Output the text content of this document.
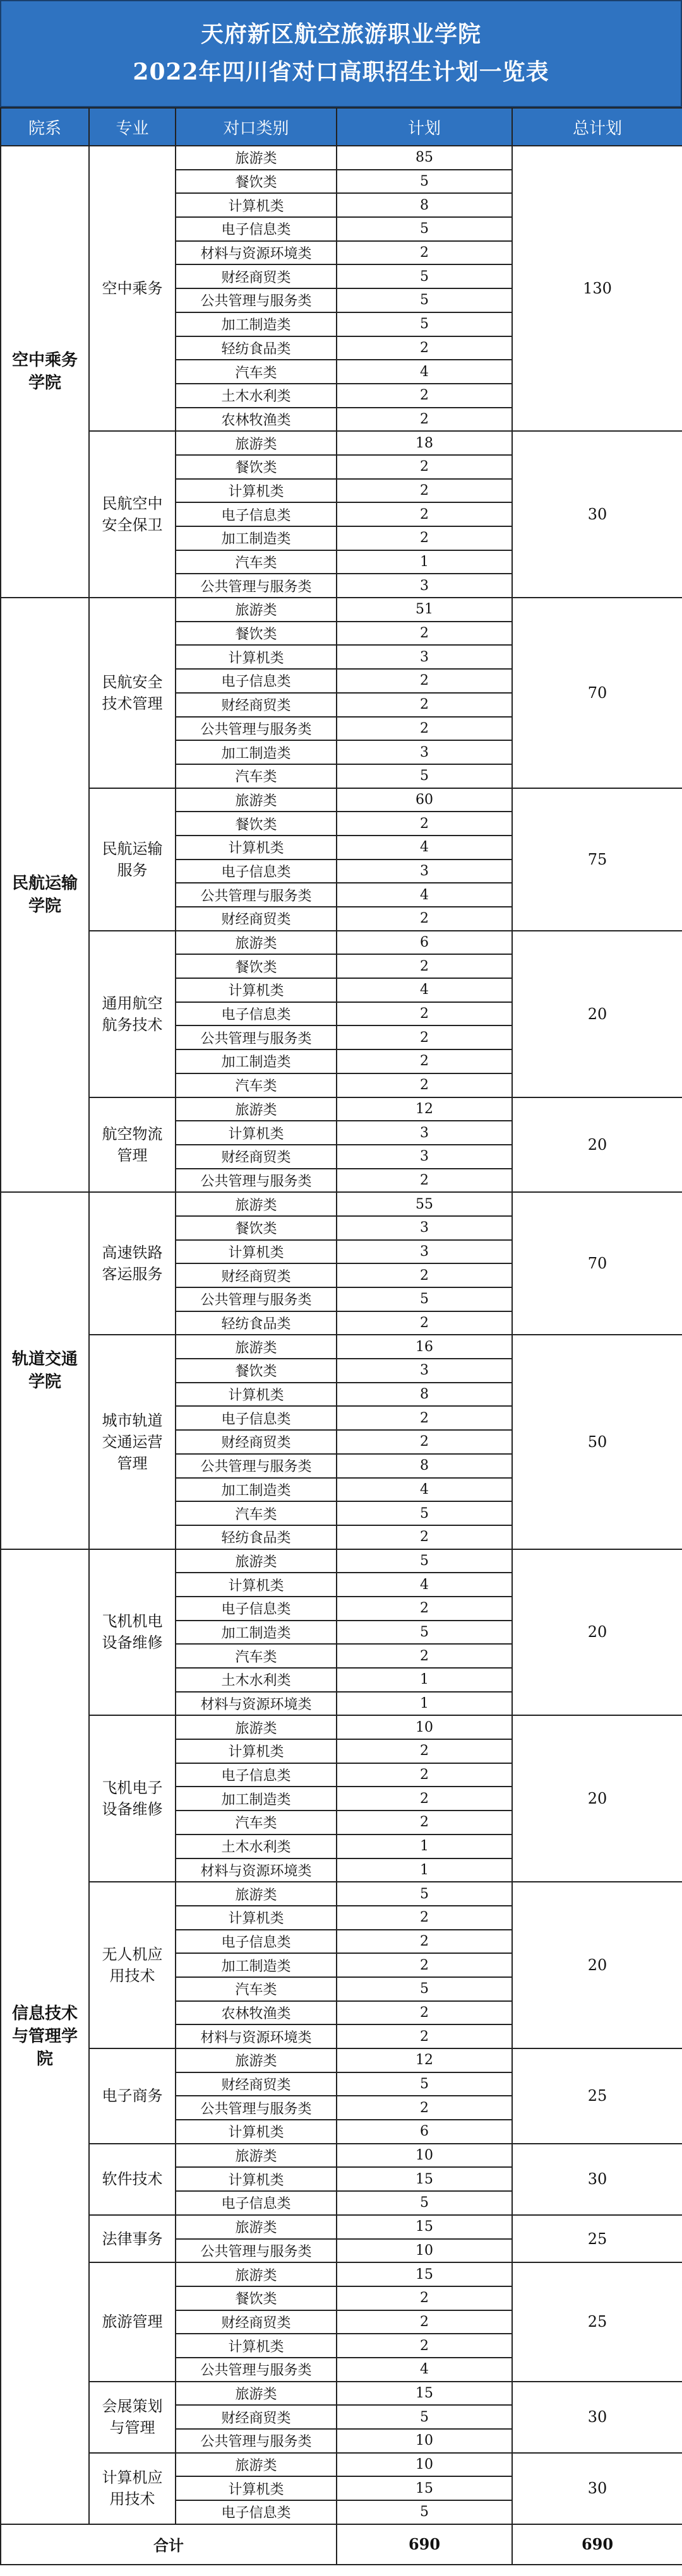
天府新区航空旅游职业学院
2022年四川省对口高职招生计划一览表
院系	专业	对口类别	计划	总计划
空中乘务学院	空中乘务	旅游类	85	130
		餐饮类	5	
		计算机类	8	
		电子信息类	5	
		材料与资源环境类	2	
		财经商贸类	5	
		公共管理与服务类	5	
		加工制造类	5	
		轻纺食品类	2	
		汽车类	4	
		土木水利类	2	
		农林牧渔类	2	
	民航空中安全保卫	旅游类	18	30
		餐饮类	2	
		计算机类	2	
		电子信息类	2	
		加工制造类	2	
		汽车类	1	
		公共管理与服务类	3	
民航运输学院	民航安全技术管理	旅游类	51	70
		餐饮类	2	
		计算机类	3	
		电子信息类	2	
		财经商贸类	2	
		公共管理与服务类	2	
		加工制造类	3	
		汽车类	5	
	民航运输服务	旅游类	60	75
		餐饮类	2	
		计算机类	4	
		电子信息类	3	
		公共管理与服务类	4	
		财经商贸类	2	
	通用航空航务技术	旅游类	6	20
		餐饮类	2	
		计算机类	4	
		电子信息类	2	
		公共管理与服务类	2	
		加工制造类	2	
		汽车类	2	
	航空物流管理	旅游类	12	20
		计算机类	3	
		财经商贸类	3	
		公共管理与服务类	2	
轨道交通学院	高速铁路客运服务	旅游类	55	70
		餐饮类	3	
		计算机类	3	
		财经商贸类	2	
		公共管理与服务类	5	
		轻纺食品类	2	
	城市轨道交通运营管理	旅游类	16	50
		餐饮类	3	
		计算机类	8	
		电子信息类	2	
		财经商贸类	2	
		公共管理与服务类	8	
		加工制造类	4	
		汽车类	5	
		轻纺食品类	2	
信息技术与管理学院	飞机机电设备维修	旅游类	5	20
		计算机类	4	
		电子信息类	2	
		加工制造类	5	
		汽车类	2	
		土木水利类	1	
		材料与资源环境类	1	
	飞机电子设备维修	旅游类	10	20
		计算机类	2	
		电子信息类	2	
		加工制造类	2	
		汽车类	2	
		土木水利类	1	
		材料与资源环境类	1	
	无人机应用技术	旅游类	5	20
		计算机类	2	
		电子信息类	2	
		加工制造类	2	
		汽车类	5	
		农林牧渔类	2	
		材料与资源环境类	2	
	电子商务	旅游类	12	25
		财经商贸类	5	
		公共管理与服务类	2	
		计算机类	6	
	软件技术	旅游类	10	30
		计算机类	15	
		电子信息类	5	
	法律事务	旅游类	15	25
		公共管理与服务类	10	
	旅游管理	旅游类	15	25
		餐饮类	2	
		财经商贸类	2	
		计算机类	2	
		公共管理与服务类	4	
	会展策划与管理	旅游类	15	30
		财经商贸类	5	
		公共管理与服务类	10	
	计算机应用技术	旅游类	10	30
		计算机类	15	
		电子信息类	5	
合计			690	690
